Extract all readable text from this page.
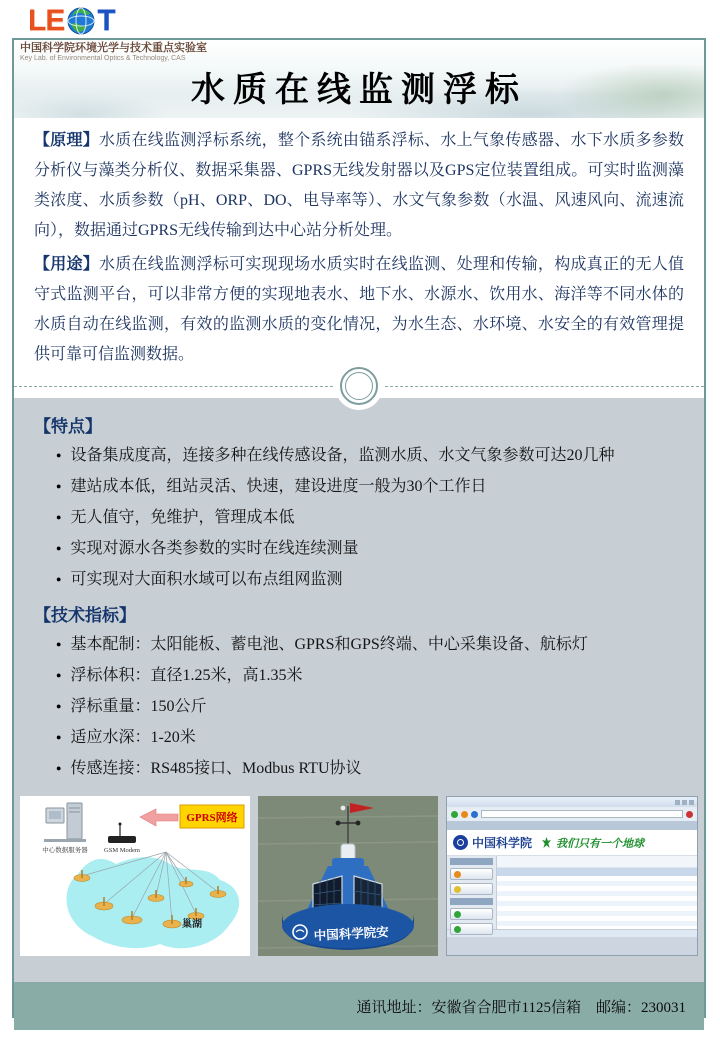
LE T
中国科学院环境光学与技术重点实验室
Key Lab. of Environmental Optics & Technology, CAS
水质在线监测浮标

【原理】水质在线监测浮标系统，整个系统由锚系浮标、水上气象传感器、水下水质多参数分析仪与藻类分析仪、数据采集器、GPRS无线发射器以及GPS定位装置组成。可实时监测藻类浓度、水质参数（pH、ORP、DO、电导率等）、水文气象参数（水温、风速风向、流速流向），数据通过GPRS无线传输到达中心站分析处理。

【用途】水质在线监测浮标可实现现场水质实时在线监测、处理和传输，构成真正的无人值守式监测平台，可以非常方便的实现地表水、地下水、水源水、饮用水、海洋等不同水体的水质自动在线监测，有效的监测水质的变化情况，为水生态、水环境、水安全的有效管理提供可靠可信监测数据。

【特点】
● 设备集成度高，连接多种在线传感设备，监测水质、水文气象参数可达20几种
● 建站成本低，组站灵活、快速，建设进度一般为30个工作日
● 无人值守，免维护，管理成本低
● 实现对源水各类参数的实时在线连续测量
● 可实现对大面积水域可以布点组网监测
【技术指标】
● 基本配制：太阳能板、蓄电池、GPRS和GPS终端、中心采集设备、航标灯
● 浮标体积：直径1.25米，高1.35米
● 浮标重量：150公斤
● 适应水深：1-20米
● 传感连接：RS485接口、Modbus RTU协议
中心数据服务器	GSM Modem
GPRS网络
巢湖
中国科学院安
中国科学院 我们只有一个地球
通讯地址：安徽省合肥市1125信箱　邮编：230031
